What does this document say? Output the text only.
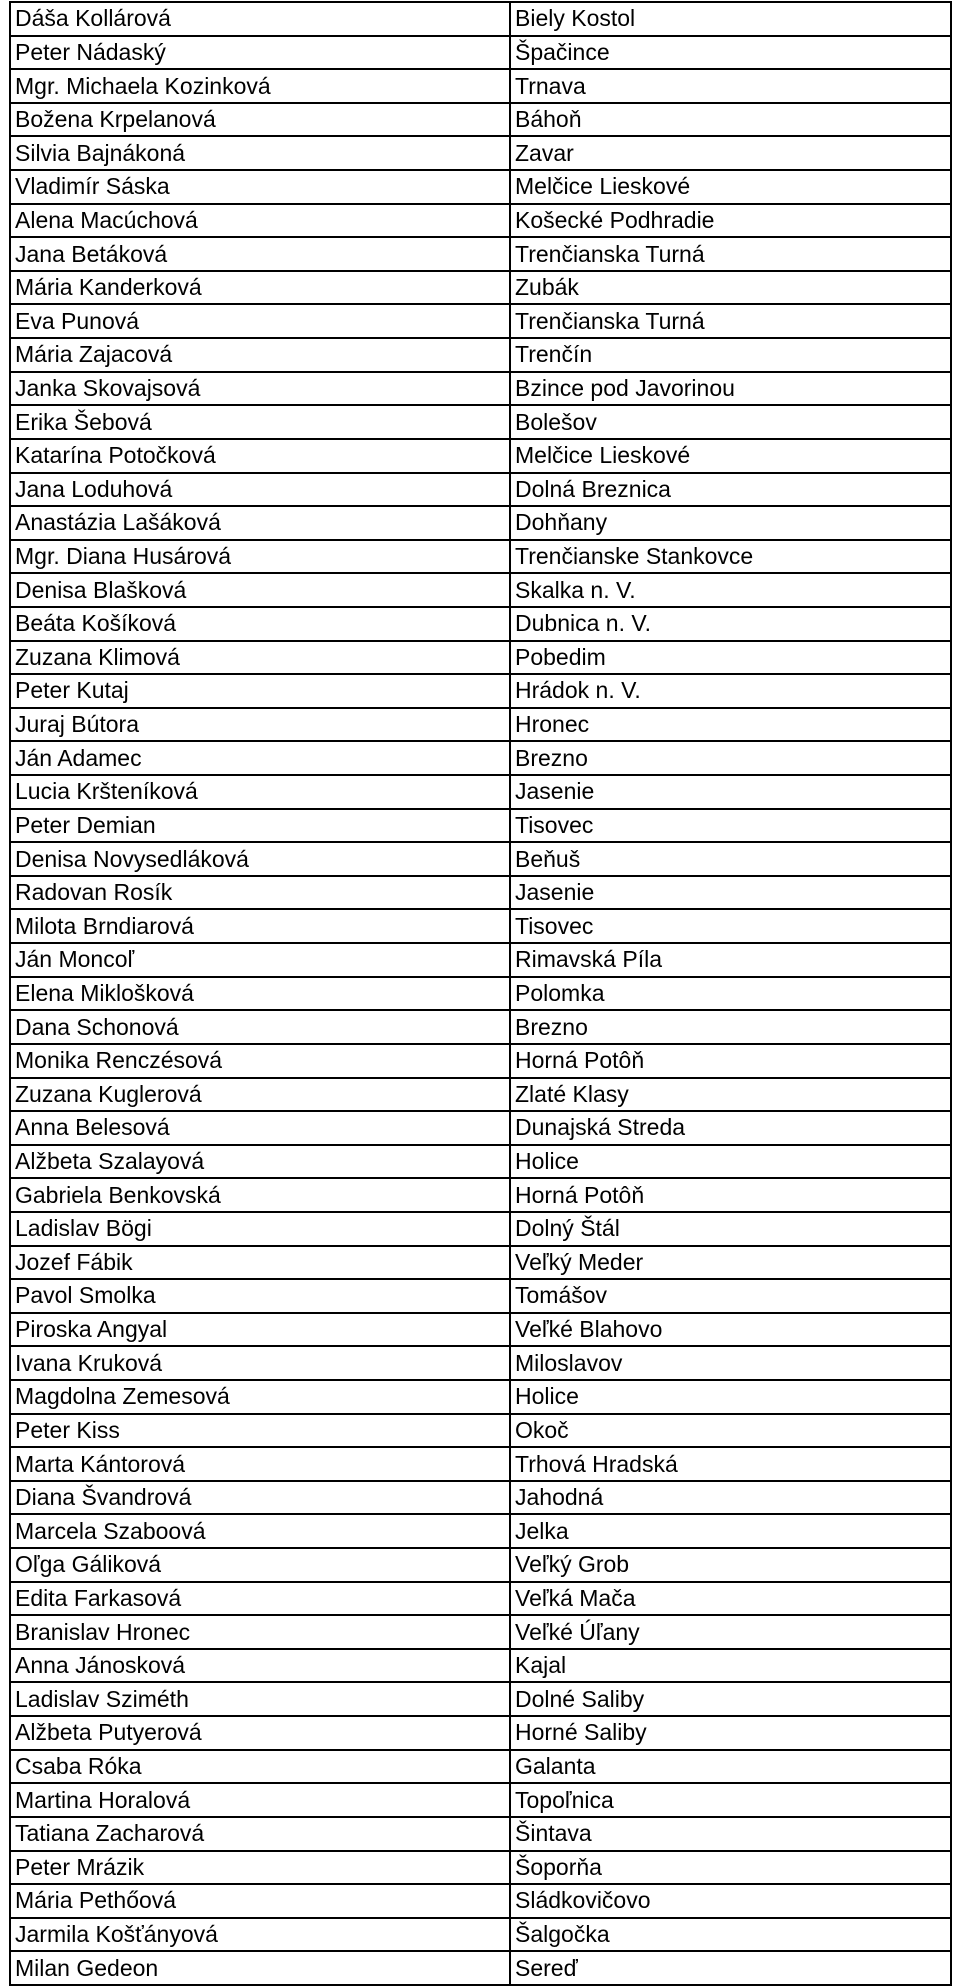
Dáša Kollárová	Biely Kostol
Peter Nádaský	Špačince
Mgr. Michaela Kozinková	Trnava
Božena Krpelanová	Báhoň
Silvia Bajnákoná	Zavar
Vladimír Sáska	Melčice Lieskové
Alena Macúchová	Košecké Podhradie
Jana Betáková	Trenčianska Turná
Mária Kanderková	Zubák
Eva Punová	Trenčianska Turná
Mária Zajacová	Trenčín
Janka Skovajsová	Bzince pod Javorinou
Erika Šebová	Bolešov
Katarína Potočková	Melčice Lieskové
Jana Loduhová	Dolná Breznica
Anastázia Lašáková	Dohňany
Mgr. Diana Husárová	Trenčianske Stankovce
Denisa Blašková	Skalka n. V.
Beáta Košíková	Dubnica n. V.
Zuzana Klimová	Pobedim
Peter Kutaj	Hrádok n. V.
Juraj Bútora	Hronec
Ján Adamec	Brezno
Lucia Kršteníková	Jasenie
Peter Demian	Tisovec
Denisa Novysedláková	Beňuš
Radovan Rosík	Jasenie
Milota Brndiarová	Tisovec
Ján Moncoľ	Rimavská Píla
Elena Miklošková	Polomka
Dana Schonová	Brezno
Monika Renczésová	Horná Potôň
Zuzana Kuglerová	Zlaté Klasy
Anna Belesová	Dunajská Streda
Alžbeta Szalayová	Holice
Gabriela Benkovská	Horná Potôň
Ladislav Bögi	Dolný Štál
Jozef Fábik	Veľký Meder
Pavol Smolka	Tomášov
Piroska Angyal	Veľké Blahovo
Ivana Kruková	Miloslavov
Magdolna Zemesová	Holice
Peter Kiss	Okoč
Marta Kántorová	Trhová Hradská
Diana Švandrová	Jahodná
Marcela Szaboová	Jelka
Oľga Gáliková	Veľký Grob
Edita Farkasová	Veľká Mača
Branislav Hronec	Veľké Úľany
Anna Jánosková	Kajal
Ladislav Sziméth	Dolné Saliby
Alžbeta Putyerová	Horné Saliby
Csaba Róka	Galanta
Martina Horalová	Topoľnica
Tatiana Zacharová	Šintava
Peter Mrázik	Šoporňa
Mária Pethőová	Sládkovičovo
Jarmila Košťányová	Šalgočka
Milan Gedeon	Sereď
